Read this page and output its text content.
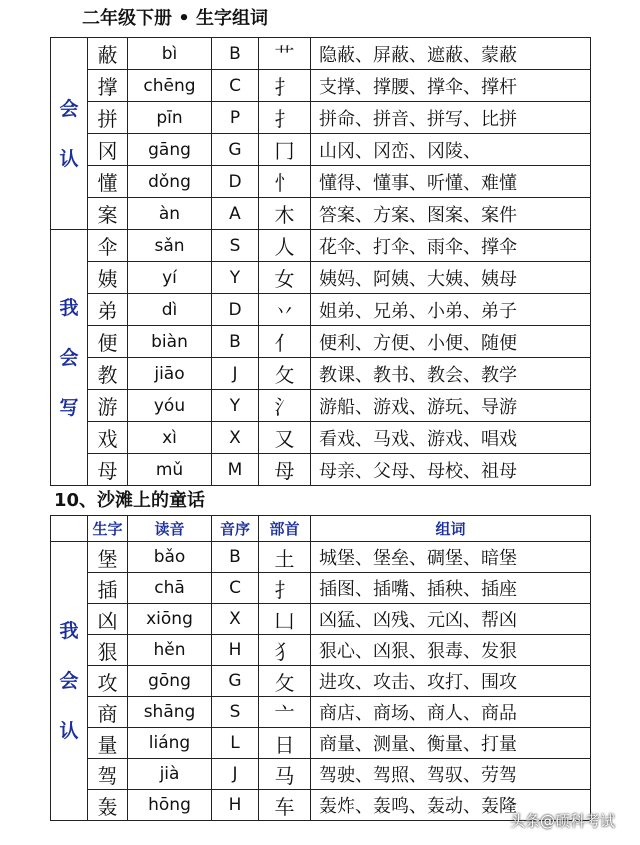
二年级下册 • 生字组词
会
认	蔽	bì	B	艹	隐蔽、屏蔽、遮蔽、蒙蔽
	撑	chēng	C	扌	支撑、撑腰、撑伞、撑杆
	拼	pīn	P	扌	拼命、拼音、拼写、比拼
	冈	gāng	G	冂	山冈、冈峦、冈陵、
	懂	dǒng	D	忄	懂得、懂事、听懂、难懂
	案	àn	A	木	答案、方案、图案、案件

我
会
写	伞	sǎn	S	人	花伞、打伞、雨伞、撑伞
	姨	yí	Y	女	姨妈、阿姨、大姨、姨母
	弟	dì	D	丷	姐弟、兄弟、小弟、弟子
	便	biàn	B	亻	便利、方便、小便、随便
	教	jiāo	J	攵	教课、教书、教会、教学
	游	yóu	Y	氵	游船、游戏、游玩、导游
	戏	xì	X	又	看戏、马戏、游戏、唱戏
	母	mǔ	M	母	母亲、父母、母校、祖母
10、沙滩上的童话
	生字	读音	音序	部首	组词

我
会
认	堡	bǎo	B	土	城堡、堡垒、碉堡、暗堡
	插	chā	C	扌	插图、插嘴、插秧、插座
	凶	xiōng	X	凵	凶猛、凶残、元凶、帮凶
	狠	hěn	H	犭	狠心、凶狠、狠毒、发狠
	攻	gōng	G	攵	进攻、攻击、攻打、围攻
	商	shāng	S	亠	商店、商场、商人、商品
	量	liáng	L	日	商量、测量、衡量、打量
	驾	jià	J	马	驾驶、驾照、驾驭、劳驾
	轰	hōng	H	车	轰炸、轰鸣、轰动、轰隆
头条@硕科考试
